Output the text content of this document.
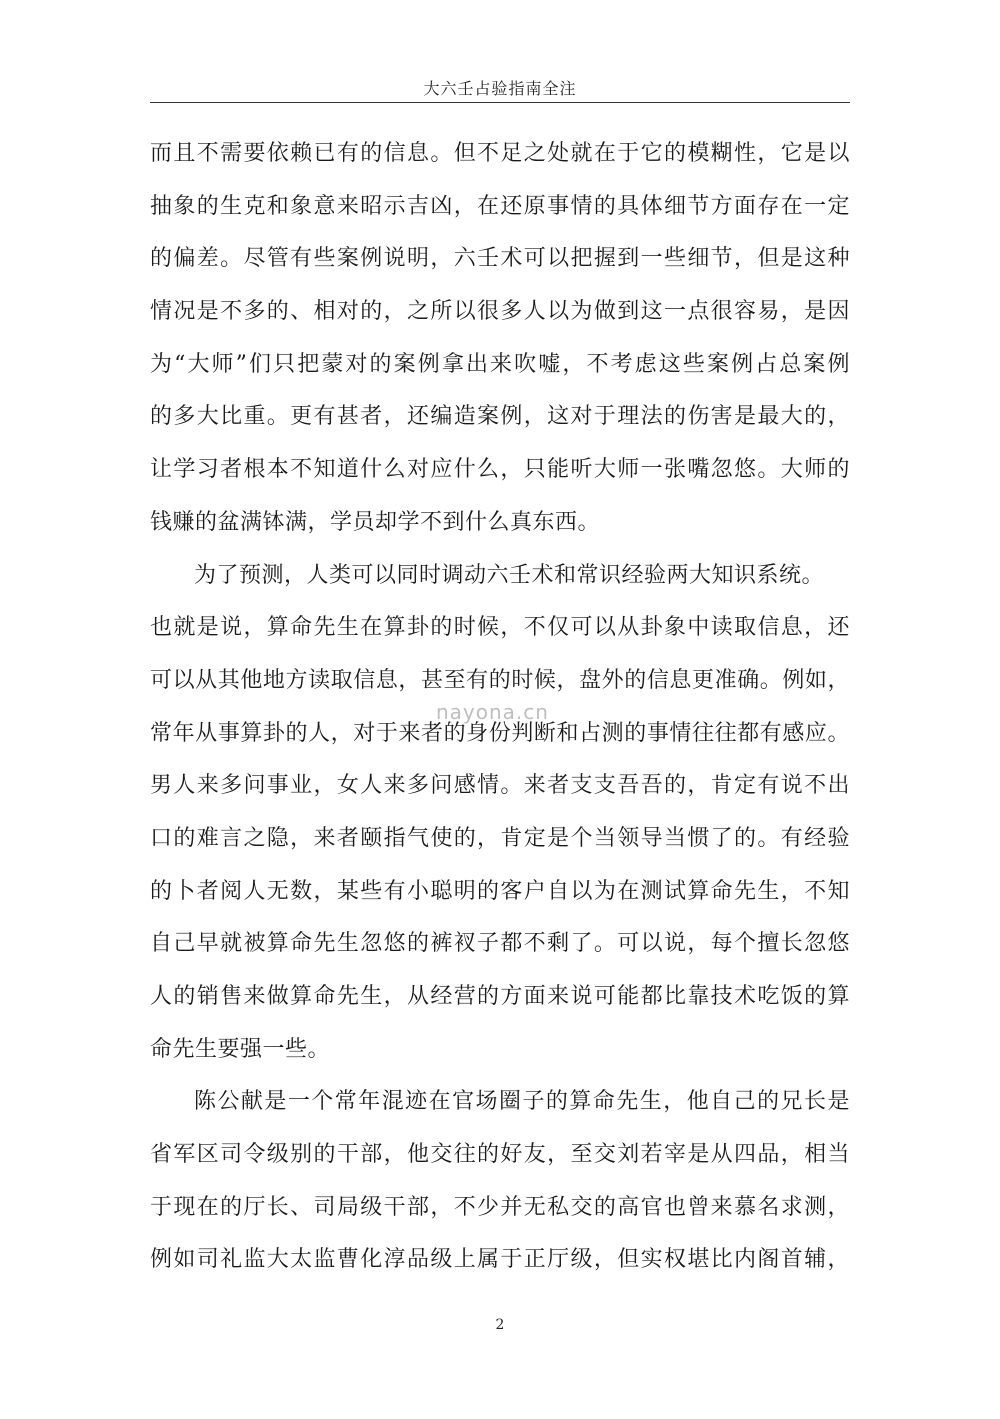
大六壬占验指南全注
而且不需要依赖已有的信息。但不足之处就在于它的模糊性，它是以
抽象的生克和象意来昭示吉凶，在还原事情的具体细节方面存在一定
的偏差。尽管有些案例说明，六壬术可以把握到一些细节，但是这种
情况是不多的、相对的，之所以很多人以为做到这一点很容易，是因
为“大师”们只把蒙对的案例拿出来吹嘘，不考虑这些案例占总案例
的多大比重。更有甚者，还编造案例，这对于理法的伤害是最大的，
让学习者根本不知道什么对应什么，只能听大师一张嘴忽悠。大师的
钱赚的盆满钵满，学员却学不到什么真东西。
为了预测，人类可以同时调动六壬术和常识经验两大知识系统。
也就是说，算命先生在算卦的时候，不仅可以从卦象中读取信息，还
可以从其他地方读取信息，甚至有的时候，盘外的信息更准确。例如，
常年从事算卦的人，对于来者的身份判断和占测的事情往往都有感应。
男人来多问事业，女人来多问感情。来者支支吾吾的，肯定有说不出
口的难言之隐，来者颐指气使的，肯定是个当领导当惯了的。有经验
的卜者阅人无数，某些有小聪明的客户自以为在测试算命先生，不知
自己早就被算命先生忽悠的裤衩子都不剩了。可以说，每个擅长忽悠
人的销售来做算命先生，从经营的方面来说可能都比靠技术吃饭的算
命先生要强一些。
陈公献是一个常年混迹在官场圈子的算命先生，他自己的兄长是
省军区司令级别的干部，他交往的好友，至交刘若宰是从四品，相当
于现在的厅长、司局级干部，不少并无私交的高官也曾来慕名求测，
例如司礼监大太监曹化淳品级上属于正厅级，但实权堪比内阁首辅，
nayona.cn
2
